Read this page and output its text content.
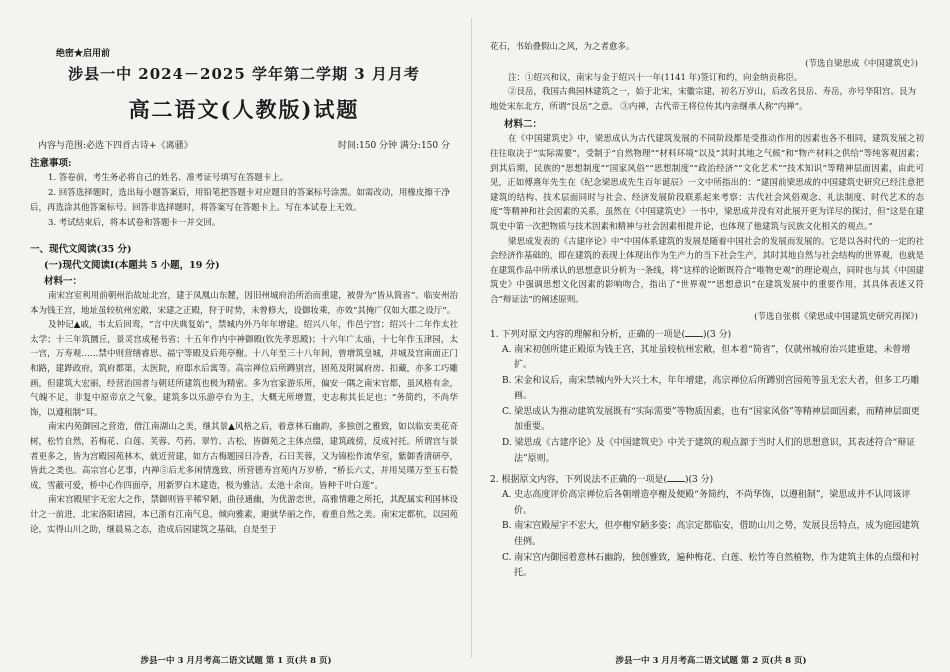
绝密★启用前
涉县一中 2024－2025 学年第二学期 3 月月考
高二语文(人教版)试题
内容与范围:必选下四首古诗+《离骚》	时间:150 分钟 满分:150 分
注意事项:

1. 答卷前，考生务必将自己的姓名、准考证号填写在答题卡上。

2. 回答选择题时，选出每小题答案后，用铅笔把答题卡对应题目的答案标号涂黑。如需改动，用橡皮擦干净后，再选涂其他答案标号。回答非选择题时，将答案写在答题卡上。写在本试卷上无效。

3. 考试结束后，将本试卷和答题卡一并交回。

一、现代文阅读(35 分)
(一)现代文阅读Ⅰ(本题共 5 小题，19 分)
材料一：

南宋宫室利用前朝州治故址北宫，建于凤凰山东麓，因旧州城府治所治而重建，被誉为“皆从简省”。临安州治本为钱王宫，地址虽较杭州宏敞，宋建之正殿，狩于时势，未曾修大，设御妆乘，亦效“其掩广仅如大郡之设厅”。

及钟记▲戚，韦太后回鸾，“言中庆典复始”，禁城内外乃年年增建。绍兴八年，作邑宁宫；绍兴十二年作太社太学；十三年筑圜丘，景灵宫成秘书省；十五年作内中神御殿(钦先孝思殿)；十六年广太庙，十七年作玉津园，太一宫，万寿观……禁中则营缮睿思、福宁等殿及后苑亭榭。十八年至三十八年间，曾增筑皇城，并城及宫南面正门和路，建跸政府，筑府都第，太医院，府邸水后寓等。高宗禅位后所蹲别宫，固苑及附属府房、扣藏，亦多工巧雕画，但建筑大宏丽，经营治国者与朝廷所建筑也极为精密。多为官家游乐所，偏安一隅之南宋官都，虽风格有余，气魄不足，非复中原帝京之气象，建筑多以乐游亭台为主，大概无所增置，史志称其长足也；“务简约，不尚华饰，以遵租制”耳。

南宋内苑御园之营造，借江南湖山之美，继其景▲风格之后，着意林石幽韵，多独创之雅致，如以临安美花奇树，松竹自然，若梅花、白莲、芙蓉、芍药、翠竹、古松，皆御苑之主体点缀，建筑疏傍，反成衬托。所谓宫与景者更多之，皆为宫殿园苑林木，就近营建，如方古梅题园日冷香，石日芙蓉，又为锦松作流华室，紫御香清研亭，皆此之类也。高宗宫心艺事，内禅⑤后尤多闲情逸致，所营德寿宫苑内万岁桥，“桥长六丈，并用吴璞万至玉石甃成，雪蔽可爱，桥中心作四面亭，用新罗白木建造，极为雅洁。太池十余亩，皆种千叶白莲”。

南宋宫殿屋宇无宏大之作，禁御则皆平稀窄陋，曲径通幽，为优游恋世，高雅情趣之所托，其配属实利国林设计之一前进，北宋洛阳诸园，本已浙有江南气息，倾向雅素，避就华丽之作，着重自然之美。南宋定都杭，以园苑论，实得山川之助，继晨易之态，造成后园建筑之基础，自是至于

涉县一中 3 月月考高二语文试题 第 1 页(共 8 页)

花石，书始叠假山之风，为之者愈多。

(节选自梁思成《中国建筑史》)

注：①绍兴和议，南宋与金于绍兴十一年(1141 年)签订和约，向金纳贡称臣。

②艮岳，我国古典园林建筑之一，始于北宋，宋徽宗建，初名万岁山，后改名艮岳、寿岳，亦号华阳宫。艮为地处宋东北方，所谓“艮岳”之意。 ③内禅，古代帝王将位传其内亲继承人称“内禅”。

材料二：

在《中国建筑史》中，梁思成认为古代建筑发展的不同阶段都是受推动作用的因素也各不相同，建筑发展之初往往取决于“实际需要”，受制于“自然物理”“材料环境”以及“其时其地之气候”和“物产材料之供给”等纯客观因素；到其后期，民族的“思想制度”“国家风俗”“思想制度”“政治经济”“文化艺术”“技术知识”等精神层面因素，由此可见，正如傅熹年先生在《纪念梁思成先生百年诞辰》一文中所指出的：“建国前梁思成的中国建筑史研究已经注意把建筑的结构、技术层面同时与社会、经济发展阶段联系起来考察：古代社会风俗观念、礼法制度、时代艺术的态度”等精神和社会因素的关系，虽然在《中国建筑史》一书中，梁思成并没有对此展开更为详尽的探讨，但“这是在建筑史中第一次把物质与技术因素和精神与社会因素相提并论，也体现了他建筑与民族文化相关的观点。”

梁思成发表的《古建序论》中“中国体系建筑的发展是随着中国社会的发展而发展的。它是以各时代的一定的社会经济作基础的，即在建筑的表现上体现出作为生产力的当下社会生产，其时其地自然与社会结构的世界观，也就是在建筑作品中所承认的思想意识分析为一条线，将“这样的论断既符合“唯物史观”的理论观点，同时也与其《中国建筑史》中强调思想文化因素的影响吻合，指出了“世界观”“思想意识”在建筑发展中的重要作用，其具体表述又符合“辩证法”的阐述原则。

(节选自张棋《梁思成中国建筑史研究再探》)
1. 下列对原文内容的理解和分析，正确的一项是( )(3 分)
A. 南宋初创所建正殿原为钱王宫，其址虽较杭州宏敞，但本着“简省”，仅就州城府治兴建重建，未曾增扩。
B. 宋金和议后，南宋禁城内外大兴土木，年年增建，高宗禅位后所蹲别宫园苑等虽无宏大者，但多工巧雕画。
C. 梁思成认为推动建筑发展既有“实际需要”等物质因素，也有“国家风俗”等精神层面因素，而精神层面更加重要。
D. 梁思成《古建序论》及《中国建筑史》中关于建筑的观点源于当时人们的思想意识，其表述符合“辩证法”原则。
2. 根据原文内容，下列说法不正确的一项是( )(3 分)
A. 史志高度评价高宗禅位后各朝增造亭榭及便殿“务简约，不尚华饰，以遵租制”，梁思成并不认同该评价。
B. 南宋宫殿屋宇不宏大，但亭榭窄陋多姿；高宗定都临安，借助山川之势，发展艮岳特点，成为庭园建筑佳例。
C. 南宋宫内御园着意林石幽韵，独创雅致，遍种梅花、白莲、松竹等自然植物，作为建筑主体的点缀和衬托。
涉县一中 3 月月考高二语文试题 第 2 页(共 8 页)
